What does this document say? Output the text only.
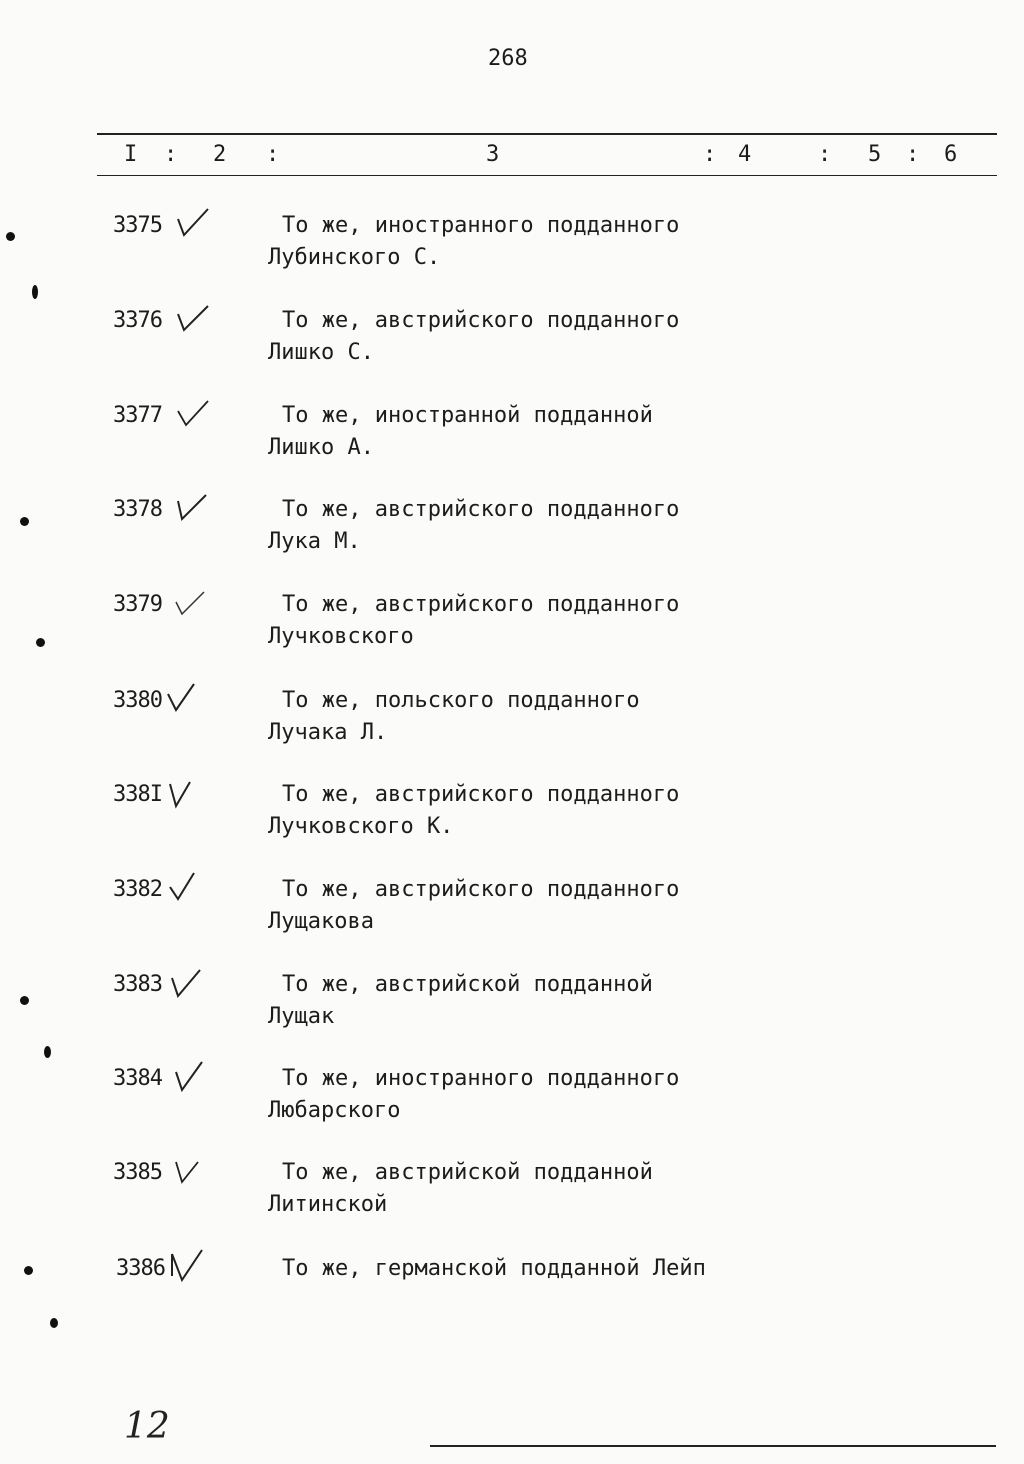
268
I : 2 :	3	: 4	: 5 : 6
3375	То же, иностранного подданного
Лубинского С.
3376	То же, австрийского подданного
Лишко С.
3377	То же, иностранной подданной
Лишко А.
3378	То же, австрийского подданного
Лука М.
3379	То же, австрийского подданного
Лучковского
3380	То же, польского подданного
Лучака Л.
338I	То же, австрийского подданного
Лучковского К.
3382	То же, австрийского подданного
Лущакова
3383	То же, австрийской подданной
Лущак
3384	То же, иностранного подданного
Любарского
3385	То же, австрийской подданной
Литинской
3386	То же, германской подданной Лейп
12
